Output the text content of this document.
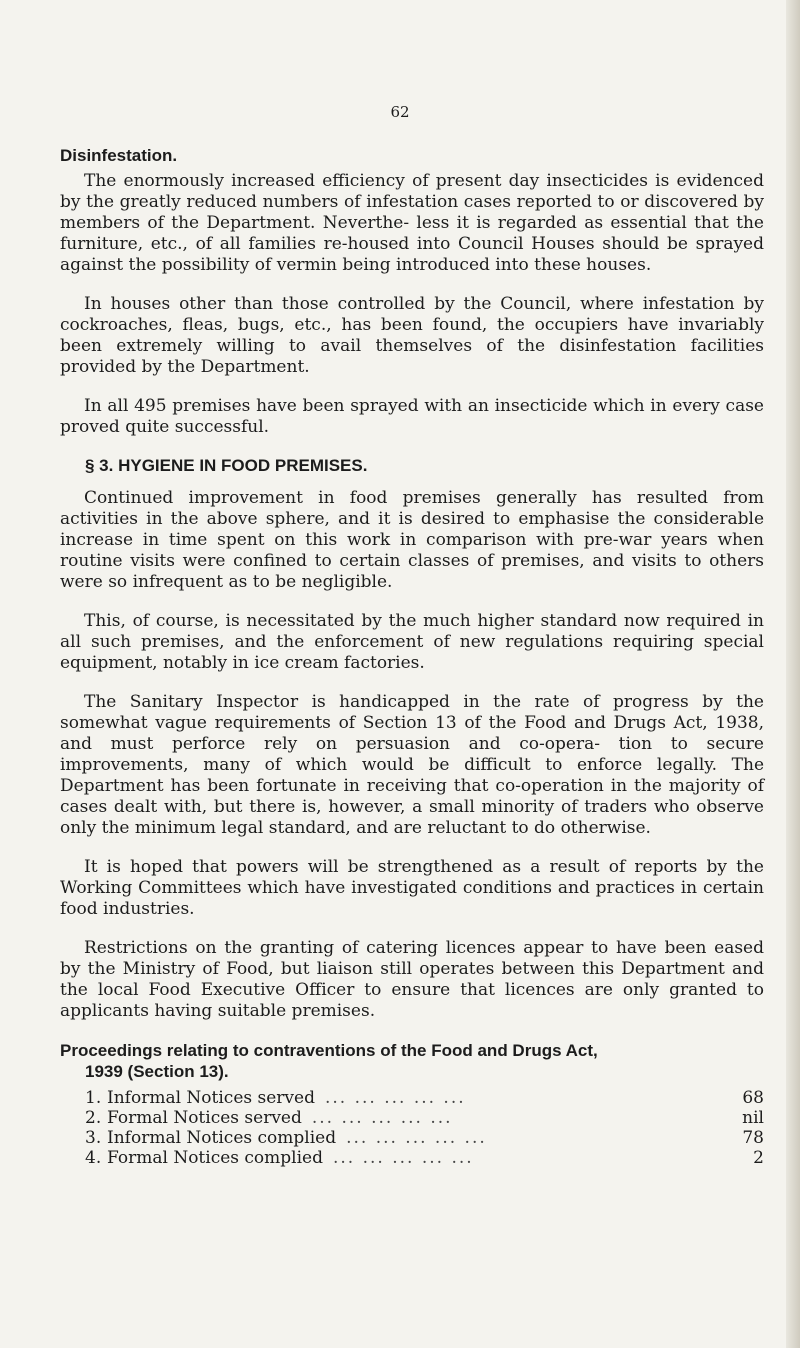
62
Disinfestation.

The enormously increased efficiency of present day insecticides is evidenced by the greatly reduced numbers of infestation cases reported to or discovered by members of the Department. Neverthe- less it is regarded as essential that the furniture, etc., of all families re-housed into Council Houses should be sprayed against the possibility of vermin being introduced into these houses.

In houses other than those controlled by the Council, where infestation by cockroaches, fleas, bugs, etc., has been found, the occupiers have invariably been extremely willing to avail themselves of the disinfestation facilities provided by the Department.

In all 495 premises have been sprayed with an insecticide which in every case proved quite successful.

§ 3. HYGIENE IN FOOD PREMISES.

Continued improvement in food premises generally has resulted from activities in the above sphere, and it is desired to emphasise the considerable increase in time spent on this work in comparison with pre-war years when routine visits were confined to certain classes of premises, and visits to others were so infrequent as to be negligible.

This, of course, is necessitated by the much higher standard now required in all such premises, and the enforcement of new regulations requiring special equipment, notably in ice cream factories.

The Sanitary Inspector is handicapped in the rate of progress by the somewhat vague requirements of Section 13 of the Food and Drugs Act, 1938, and must perforce rely on persuasion and co-opera- tion to secure improvements, many of which would be difficult to enforce legally. The Department has been fortunate in receiving that co-operation in the majority of cases dealt with, but there is, however, a small minority of traders who observe only the minimum legal standard, and are reluctant to do otherwise.

It is hoped that powers will be strengthened as a result of reports by the Working Committees which have investigated conditions and practices in certain food industries.

Restrictions on the granting of catering licences appear to have been eased by the Ministry of Food, but liaison still operates between this Department and the local Food Executive Officer to ensure that licences are only granted to applicants having suitable premises.

Proceedings relating to contraventions of the Food and Drugs Act,
1939 (Section 13).
1. Informal Notices served ... ... ... ... ...	68
2. Formal Notices served ... ... ... ... ...	nil
3. Informal Notices complied ... ... ... ... ...	78
4. Formal Notices complied ... ... ... ... ...	2
